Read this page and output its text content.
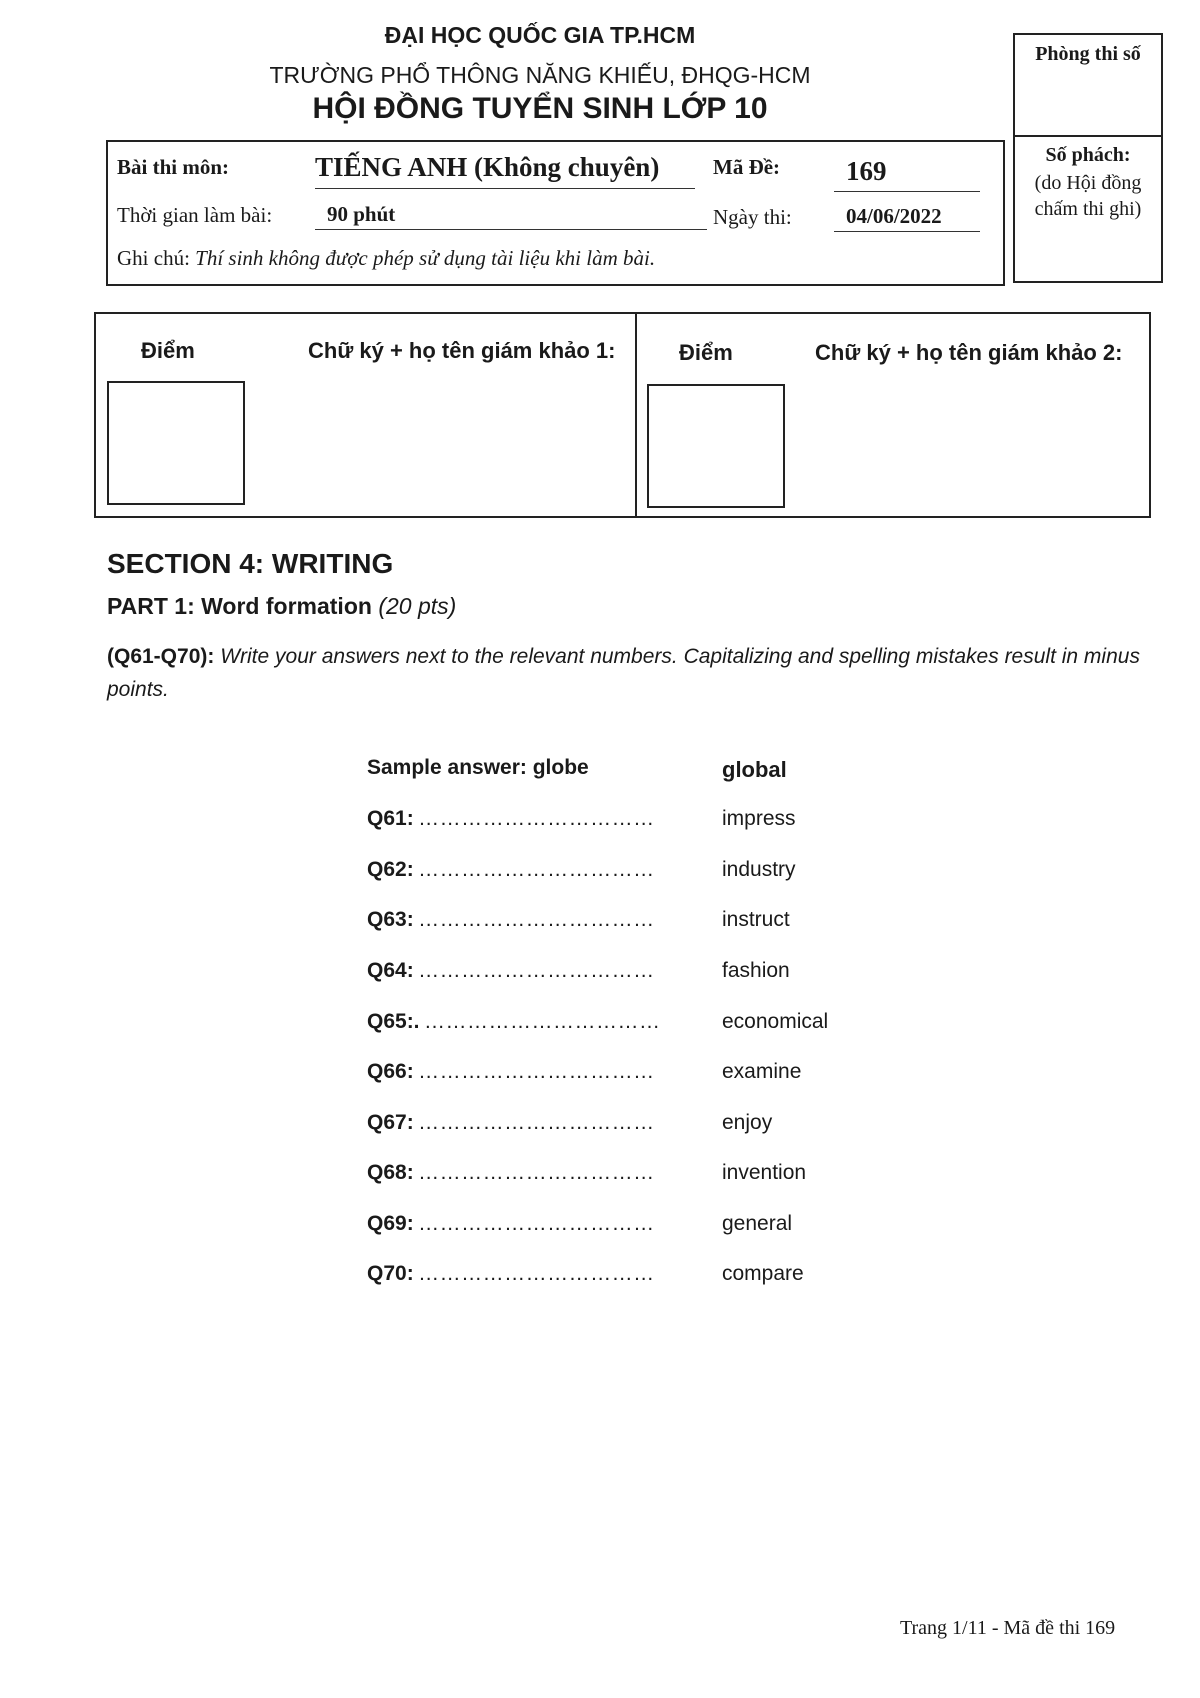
ĐẠI HỌC QUỐC GIA TP.HCM
TRƯỜNG PHỔ THÔNG NĂNG KHIẾU, ĐHQG-HCM
HỘI ĐỒNG TUYỂN SINH LỚP 10
Phòng thi số
Số phách:
(do Hội đồng
chấm thi ghi)
Bài thi môn:	TIẾNG ANH (Không chuyên)	Mã Đề:	169
Thời gian làm bài:	90 phút	Ngày thi:	04/06/2022
Ghi chú: Thí sinh không được phép sử dụng tài liệu khi làm bài.
Điểm	Chữ ký + họ tên giám khảo 1:	Điểm	Chữ ký + họ tên giám khảo 2:
SECTION 4: WRITING
PART 1: Word formation (20 pts)
(Q61-Q70): Write your answers next to the relevant numbers. Capitalizing and spelling mistakes result in minus points.
Sample answer: globe	global
Q61: ……………………………	impress
Q62: ……………………………	industry
Q63: ……………………………	instruct
Q64: ……………………………	fashion
Q65:. ……………………………	economical
Q66: ……………………………	examine
Q67: ……………………………	enjoy
Q68: ……………………………	invention
Q69: ……………………………	general
Q70: ……………………………	compare
Trang 1/11 - Mã đề thi 169
